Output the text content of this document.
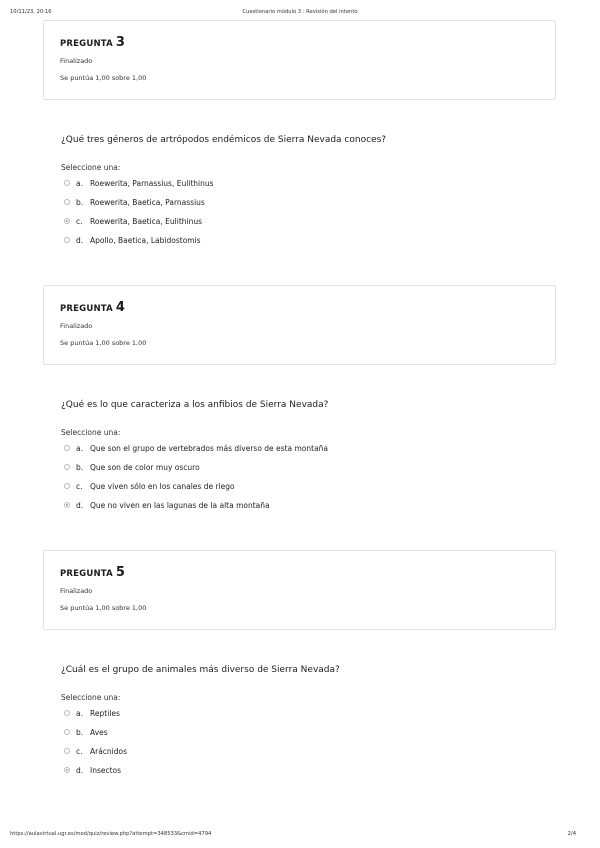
10/11/23, 20:16	Cuestionario módulo 3 : Revisión del intento
PREGUNTA 3
Finalizado
Se puntúa 1,00 sobre 1,00
¿Qué tres géneros de artrópodos endémicos de Sierra Nevada conoces?
Seleccione una:
a. Roewerita, Parnassius, Eulithinus
b. Roewerita, Baetica, Parnassius
c. Roewerita, Baetica, Eulithinus
d. Apollo, Baetica, Labidostomis
PREGUNTA 4
Finalizado
Se puntúa 1,00 sobre 1,00
¿Qué es lo que caracteriza a los anfibios de Sierra Nevada?
Seleccione una:
a. Que son el grupo de vertebrados más diverso de esta montaña
b. Que son de color muy oscuro
c. Que viven sólo en los canales de riego
d. Que no viven en las lagunas de la alta montaña
PREGUNTA 5
Finalizado
Se puntúa 1,00 sobre 1,00
¿Cuál es el grupo de animales más diverso de Sierra Nevada?
Seleccione una:
a. Reptiles
b. Aves
c. Arácnidos
d. Insectos
https://aulavirtual.ugr.es/mod/quiz/review.php?attempt=348533&cmid=4794	2/4
